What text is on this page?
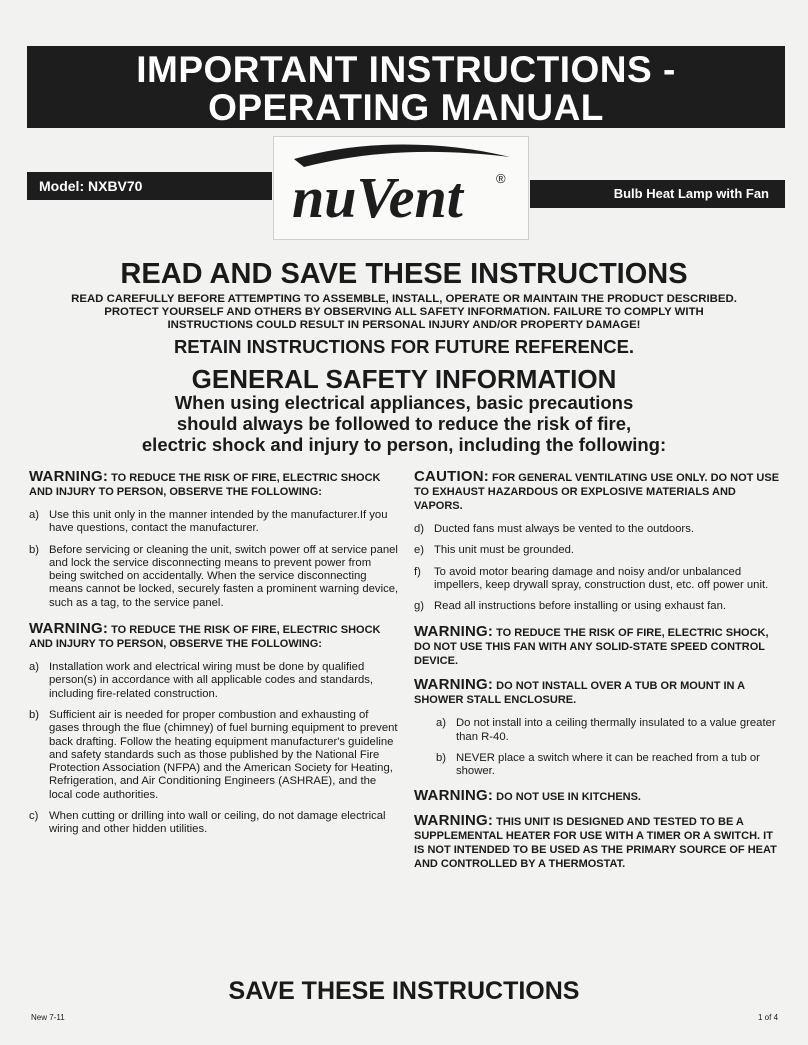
IMPORTANT INSTRUCTIONS -
OPERATING MANUAL
Model: NXBV70	nuVent	®
Bulb Heat Lamp with Fan
READ AND SAVE THESE INSTRUCTIONS
READ CAREFULLY BEFORE ATTEMPTING TO ASSEMBLE, INSTALL, OPERATE OR MAINTAIN THE PRODUCT DESCRIBED.
PROTECT YOURSELF AND OTHERS BY OBSERVING ALL SAFETY INFORMATION. FAILURE TO COMPLY WITH
INSTRUCTIONS COULD RESULT IN PERSONAL INJURY AND/OR PROPERTY DAMAGE!
RETAIN INSTRUCTIONS FOR FUTURE REFERENCE.
GENERAL SAFETY INFORMATION
When using electrical appliances, basic precautions
should always be followed to reduce the risk of fire,
electric shock and injury to person, including the following:
WARNING: TO REDUCE THE RISK OF FIRE, ELECTRIC SHOCK AND INJURY TO PERSON, OBSERVE THE FOLLOWING:
a) Use this unit only in the manner intended by the manufacturer.If you have questions, contact the manufacturer.
b) Before servicing or cleaning the unit, switch power off at service panel and lock the service disconnecting means to prevent power from being switched on accidentally. When the service disconnecting means cannot be locked, securely fasten a prominent warning device, such as a tag, to the service panel.
WARNING: TO REDUCE THE RISK OF FIRE, ELECTRIC SHOCK AND INJURY TO PERSON, OBSERVE THE FOLLOWING:
a) Installation work and electrical wiring must be done by qualified person(s) in accordance with all applicable codes and standards, including fire-related construction.
b) Sufficient air is needed for proper combustion and exhausting of gases through the flue (chimney) of fuel burning equipment to prevent back drafting. Follow the heating equipment manufacturer's guideline and safety standards such as those published by the National Fire Protection Association (NFPA) and the American Society for Heating, Refrigeration, and Air Conditioning Engineers (ASHRAE), and the local code authorities.
c) When cutting or drilling into wall or ceiling, do not damage electrical wiring and other hidden utilities.
CAUTION: FOR GENERAL VENTILATING USE ONLY. DO NOT USE TO EXHAUST HAZARDOUS OR EXPLOSIVE MATERIALS AND VAPORS.
d) Ducted fans must always be vented to the outdoors.
e) This unit must be grounded.
f)	To avoid motor bearing damage and noisy and/or unbalanced impellers, keep drywall spray, construction dust, etc. off power unit.
g) Read all instructions before installing or using exhaust fan.
WARNING: TO REDUCE THE RISK OF FIRE, ELECTRIC SHOCK, DO NOT USE THIS FAN WITH ANY SOLID-STATE SPEED CONTROL DEVICE.
WARNING: DO NOT INSTALL OVER A TUB OR MOUNT IN A SHOWER STALL ENCLOSURE.
a) Do not install into a ceiling thermally insulated to a value greater than R-40.
b) NEVER place a switch where it can be reached from a tub or shower.
WARNING: DO NOT USE IN KITCHENS.
WARNING: THIS UNIT IS DESIGNED AND TESTED TO BE A SUPPLEMENTAL HEATER FOR USE WITH A TIMER OR A SWITCH. IT IS NOT INTENDED TO BE USED AS THE PRIMARY SOURCE OF HEAT AND CONTROLLED BY A THERMOSTAT.
SAVE THESE INSTRUCTIONS
New 7-11	1 of 4
